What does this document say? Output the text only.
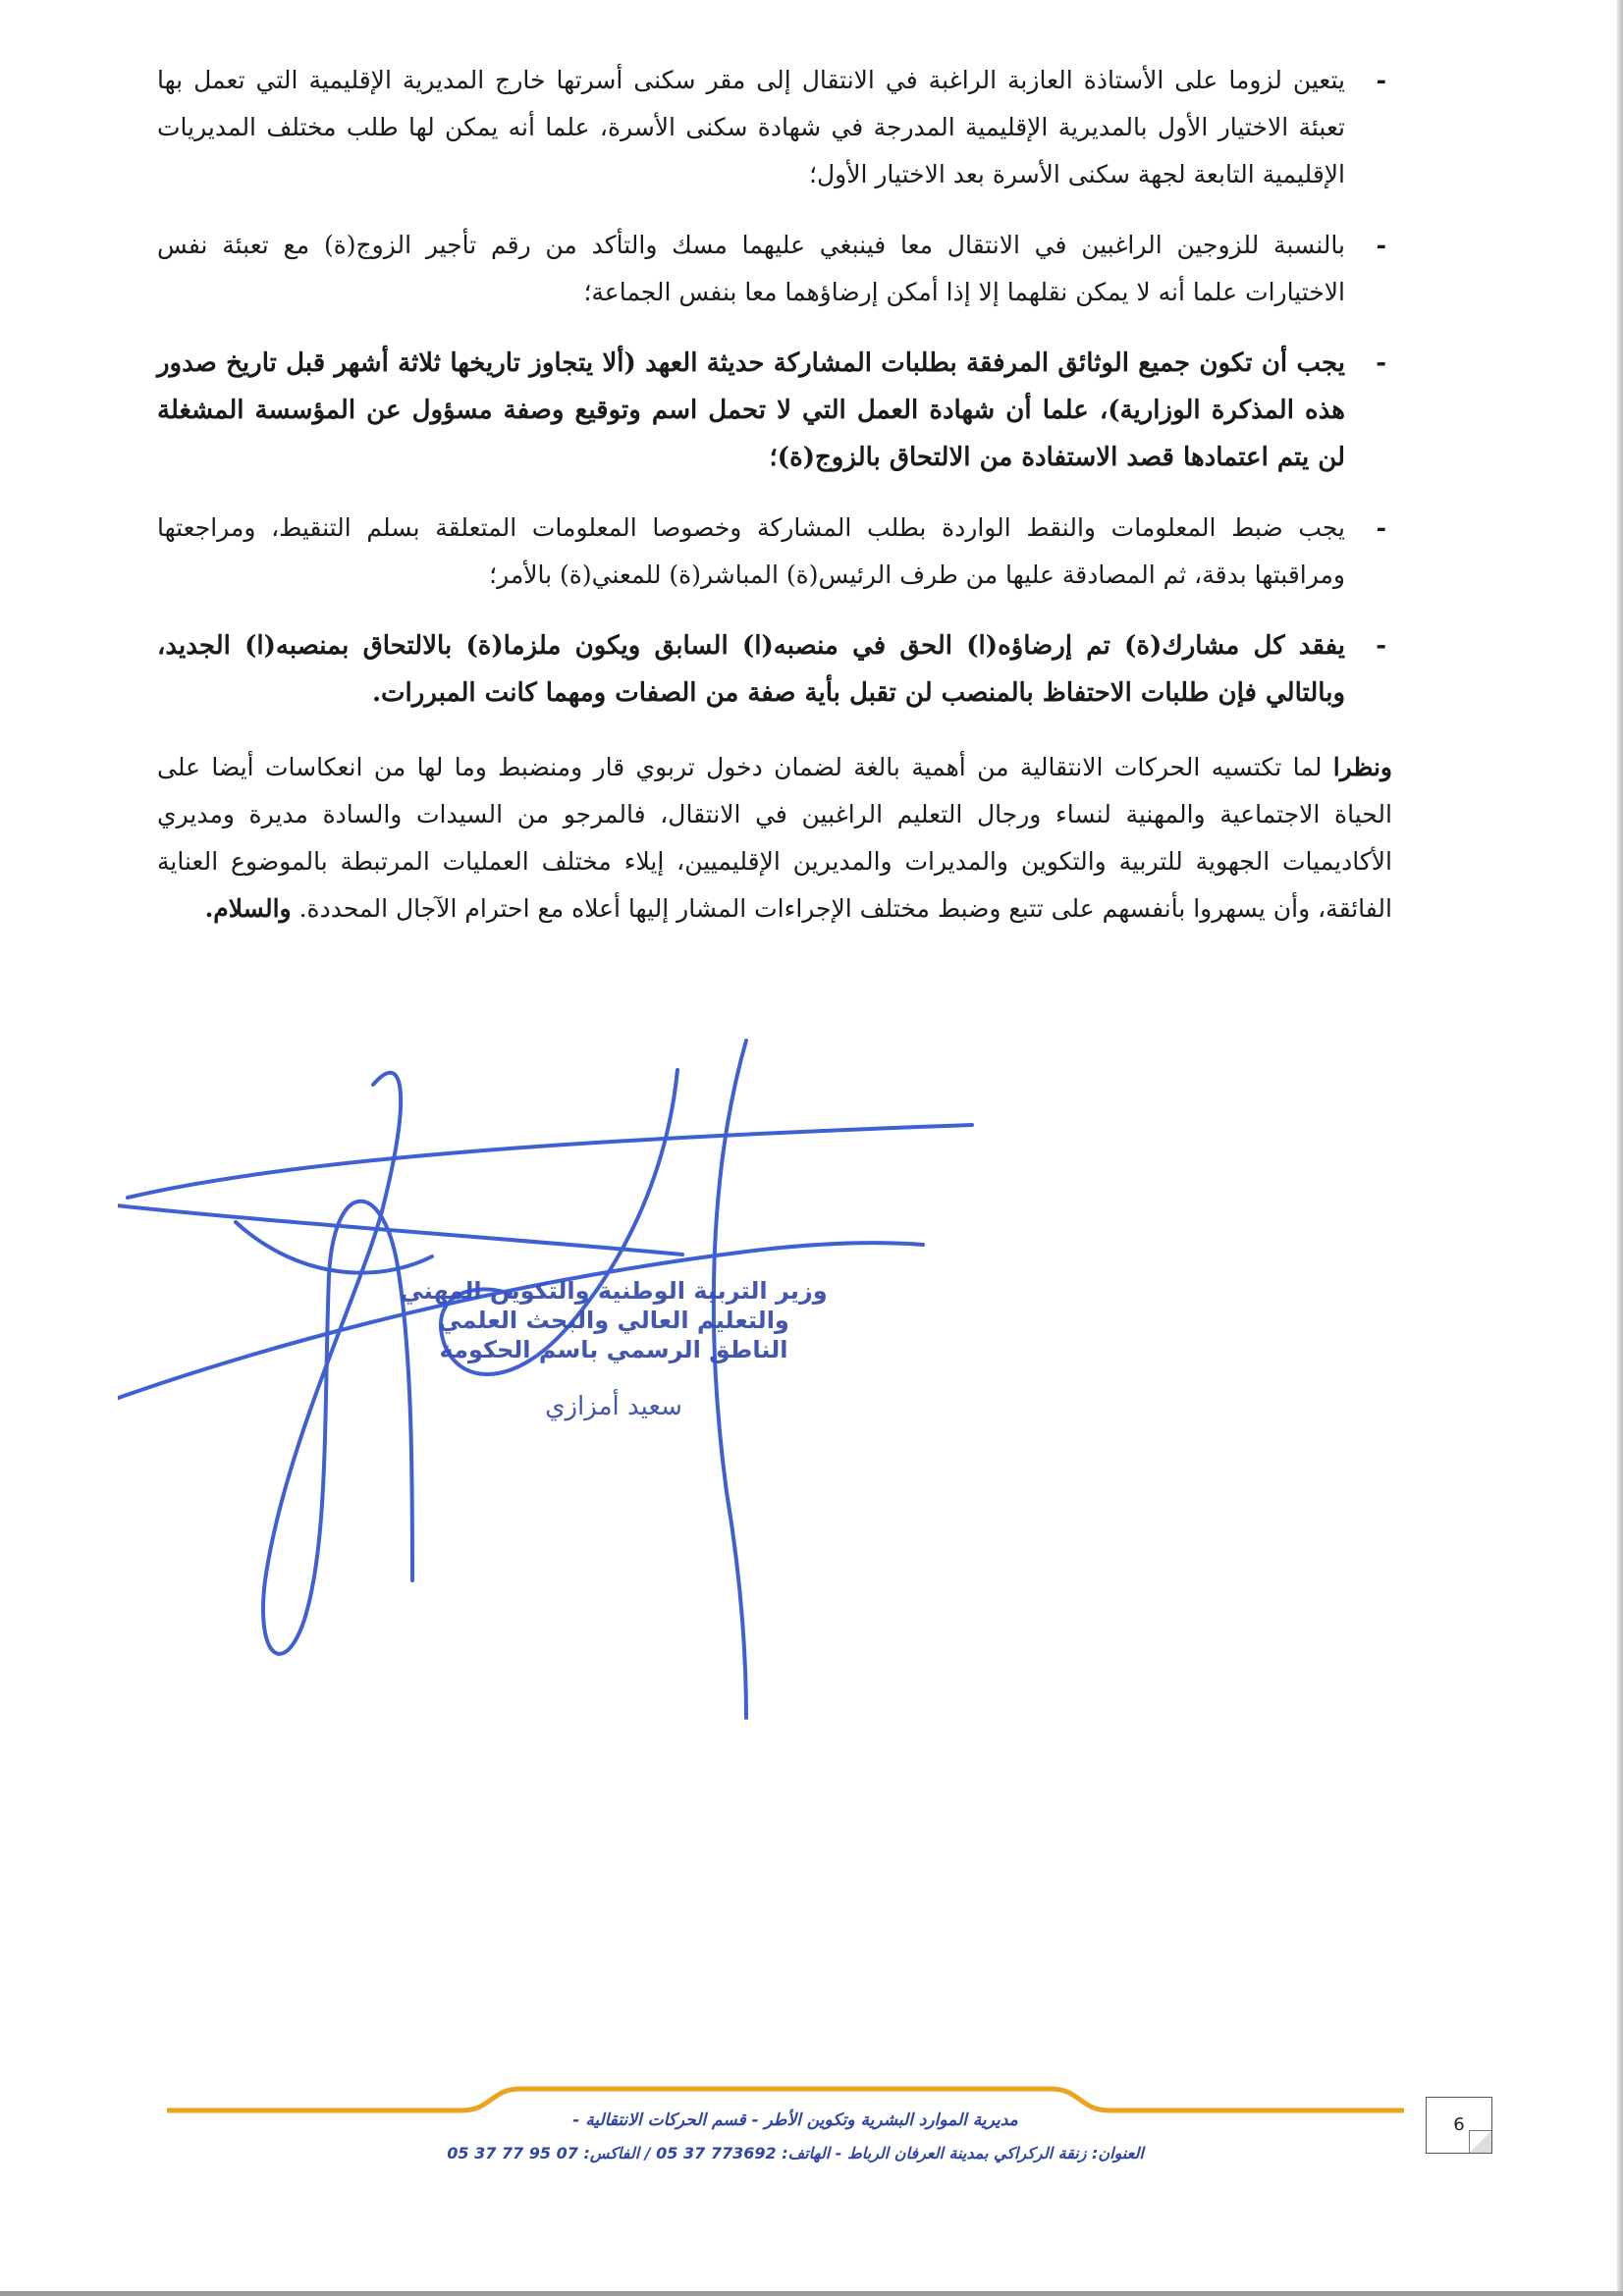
-
يتعين لزوما على الأستاذة العازبة الراغبة في الانتقال إلى مقر سكنى أسرتها خارج المديرية الإقليمية التي تعمل بها تعبئة الاختيار الأول بالمديرية الإقليمية المدرجة في شهادة سكنى الأسرة، علما أنه يمكن لها طلب مختلف المديريات الإقليمية التابعة لجهة سكنى الأسرة بعد الاختيار الأول؛
-
بالنسبة للزوجين الراغبين في الانتقال معا فينبغي عليهما مسك والتأكد من رقم تأجير الزوج(ة) مع تعبئة نفس الاختيارات علما أنه لا يمكن نقلهما إلا إذا أمكن إرضاؤهما معا بنفس الجماعة؛
-
يجب أن تكون جميع الوثائق المرفقة بطلبات المشاركة حديثة العهد (ألا يتجاوز تاريخها ثلاثة أشهر قبل تاريخ صدور هذه المذكرة الوزارية)، علما أن شهادة العمل التي لا تحمل اسم وتوقيع وصفة مسؤول عن المؤسسة المشغلة لن يتم اعتمادها قصد الاستفادة من الالتحاق بالزوج(ة)؛
-
يجب ضبط المعلومات والنقط الواردة بطلب المشاركة وخصوصا المعلومات المتعلقة بسلم التنقيط، ومراجعتها ومراقبتها بدقة، ثم المصادقة عليها من طرف الرئيس(ة) المباشر(ة) للمعني(ة) بالأمر؛
-
يفقد كل مشارك(ة) تم إرضاؤه(ا) الحق في منصبه(ا) السابق ويكون ملزما(ة) بالالتحاق بمنصبه(ا) الجديد، وبالتالي فإن طلبات الاحتفاظ بالمنصب لن تقبل بأية صفة من الصفات ومهما كانت المبررات.

ونظرا لما تكتسيه الحركات الانتقالية من أهمية بالغة لضمان دخول تربوي قار ومنضبط وما لها من انعكاسات أيضا على الحياة الاجتماعية والمهنية لنساء ورجال التعليم الراغبين في الانتقال، فالمرجو من السيدات والسادة مديرة ومديري الأكاديميات الجهوية للتربية والتكوين والمديرات والمديرين الإقليميين، إيلاء مختلف العمليات المرتبطة بالموضوع العناية الفائقة، وأن يسهروا بأنفسهم على تتبع وضبط مختلف الإجراءات المشار إليها أعلاه مع احترام الآجال المحددة. والسلام.

وزير التربية الوطنية والتكوين المهني
والتعليم العالي والبحث العلمي
الناطق الرسمي باسم الحكومة
سعيد أمزازي
مديرية الموارد البشرية وتكوين الأطر - قسم الحركات الانتقالية -
العنوان: زنقة الركراكي بمدينة العرفان الرباط - الهاتف: 773692 37 05 / الفاكس: 07 95 77 37 05
6
